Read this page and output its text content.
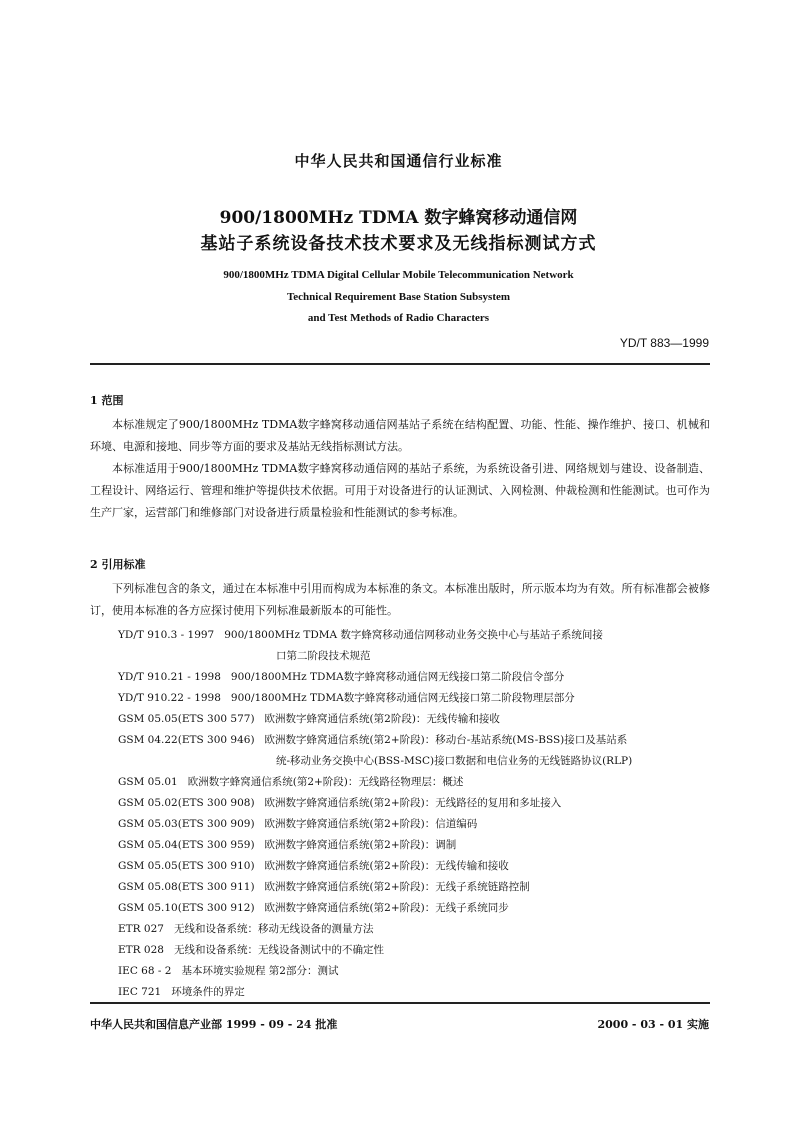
中华人民共和国通信行业标准
900/1800MHz TDMA 数字蜂窝移动通信网
基站子系统设备技术技术要求及无线指标测试方式
900/1800MHz TDMA Digital Cellular Mobile Telecommunication Network
Technical Requirement Base Station Subsystem
and Test Methods of Radio Characters
YD/T 883—1999
1 范围
本标准规定了900/1800MHz TDMA数字蜂窝移动通信网基站子系统在结构配置、功能、性能、操作维护、接口、机械和环境、电源和接地、同步等方面的要求及基站无线指标测试方法。
本标准适用于900/1800MHz TDMA数字蜂窝移动通信网的基站子系统，为系统设备引进、网络规划与建设、设备制造、工程设计、网络运行、管理和维护等提供技术依据。可用于对设备进行的认证测试、入网检测、仲裁检测和性能测试。也可作为生产厂家，运营部门和维修部门对设备进行质量检验和性能测试的参考标准。
2 引用标准
下列标准包含的条文，通过在本标准中引用而构成为本标准的条文。本标准出版时，所示版本均为有效。所有标准都会被修订，使用本标准的各方应探讨使用下列标准最新版本的可能性。
YD/T 910.3 - 1997 900/1800MHz TDMA 数字蜂窝移动通信网移动业务交换中心与基站子系统间接
口第二阶段技术规范
YD/T 910.21 - 1998 900/1800MHz TDMA数字蜂窝移动通信网无线接口第二阶段信令部分
YD/T 910.22 - 1998 900/1800MHz TDMA数字蜂窝移动通信网无线接口第二阶段物理层部分
GSM 05.05(ETS 300 577) 欧洲数字蜂窝通信系统(第2阶段)：无线传输和接收
GSM 04.22(ETS 300 946) 欧洲数字蜂窝通信系统(第2+阶段)：移动台-基站系统(MS-BSS)接口及基站系
统-移动业务交换中心(BSS-MSC)接口数据和电信业务的无线链路协议(RLP)
GSM 05.01 欧洲数字蜂窝通信系统(第2+阶段)：无线路径物理层：概述
GSM 05.02(ETS 300 908) 欧洲数字蜂窝通信系统(第2+阶段)：无线路径的复用和多址接入
GSM 05.03(ETS 300 909) 欧洲数字蜂窝通信系统(第2+阶段)：信道编码
GSM 05.04(ETS 300 959) 欧洲数字蜂窝通信系统(第2+阶段)：调制
GSM 05.05(ETS 300 910) 欧洲数字蜂窝通信系统(第2+阶段)：无线传输和接收
GSM 05.08(ETS 300 911) 欧洲数字蜂窝通信系统(第2+阶段)：无线子系统链路控制
GSM 05.10(ETS 300 912) 欧洲数字蜂窝通信系统(第2+阶段)：无线子系统同步
ETR 027 无线和设备系统：移动无线设备的测量方法
ETR 028 无线和设备系统：无线设备测试中的不确定性
IEC 68 - 2 基本环境实验规程 第2部分：测试
IEC 721 环境条件的界定
中华人民共和国信息产业部 1999 - 09 - 24 批准	2000 - 03 - 01 实施
